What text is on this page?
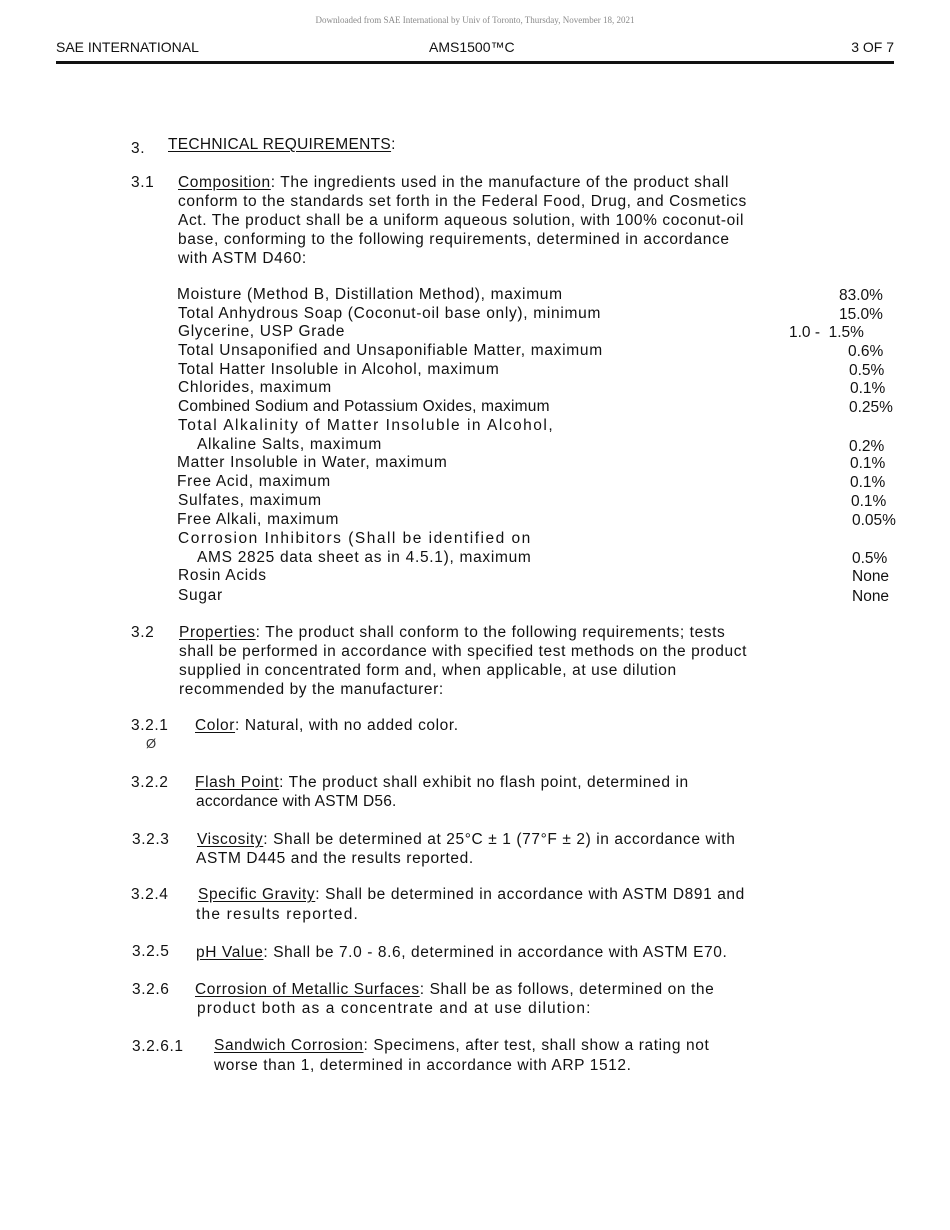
Downloaded from SAE International by Univ of Toronto, Thursday, November 18, 2021
SAE INTERNATIONAL	AMS1500™C	3 OF 7
3. TECHNICAL REQUIREMENTS:
3.1 Composition: The ingredients used in the manufacture of the product shall
conform to the standards set forth in the Federal Food, Drug, and Cosmetics
Act. The product shall be a uniform aqueous solution, with 100% coconut-oil
base, conforming to the following requirements, determined in accordance
with ASTM D460:
Moisture (Method B, Distillation Method), maximum	83.0%
Total Anhydrous Soap (Coconut-oil base only), minimum	15.0%
Glycerine, USP Grade	1.0 -  1.5%
Total Unsaponified and Unsaponifiable Matter, maximum	0.6%
Total Hatter Insoluble in Alcohol, maximum	0.5%
Chlorides, maximum	0.1%
Combined Sodium and Potassium Oxides, maximum	0.25%
Total Alkalinity of Matter Insoluble in Alcohol,
Alkaline Salts, maximum	0.2%
Matter Insoluble in Water, maximum	0.1%
Free Acid, maximum	0.1%
Sulfates, maximum	0.1%
Free Alkali, maximum	0.05%
Corrosion Inhibitors (Shall be identified on
AMS 2825 data sheet as in 4.5.1), maximum	0.5%
Rosin Acids	None
Sugar	None
3.2 Properties: The product shall conform to the following requirements; tests
shall be performed in accordance with specified test methods on the product
supplied in concentrated form and, when applicable, at use dilution
recommended by the manufacturer:
3.2.1 Color: Natural, with no added color.
Ø
3.2.2 Flash Point: The product shall exhibit no flash point, determined in
accordance with ASTM D56.
3.2.3 Viscosity: Shall be determined at 25°C ± 1 (77°F ± 2) in accordance with
ASTM D445 and the results reported.
3.2.4 Specific Gravity: Shall be determined in accordance with ASTM D891 and
the results reported.
3.2.5 pH Value: Shall be 7.0 - 8.6, determined in accordance with ASTM E70.
3.2.6 Corrosion of Metallic Surfaces: Shall be as follows, determined on the
product both as a concentrate and at use dilution:
3.2.6.1 Sandwich Corrosion: Specimens, after test, shall show a rating not
worse than 1, determined in accordance with ARP 1512.
